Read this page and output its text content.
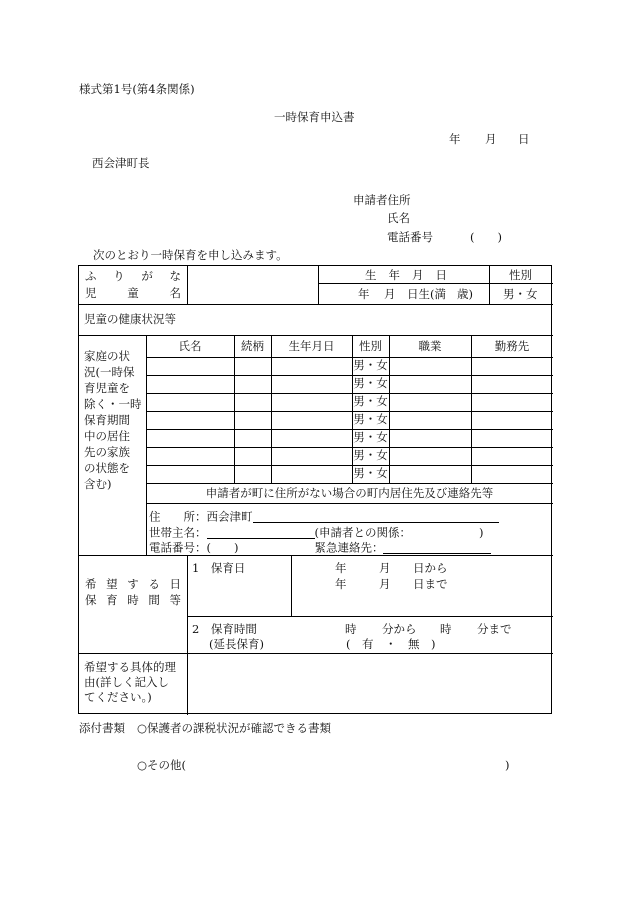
様式第1号(第4条関係)
一時保育申込書
年 月 日
西会津町長
申請者住所
氏名
電話番号	(　　)
次のとおり一時保育を申し込みます。
ふ り が な
児	童	名
生 年 月 日	性別
年 月 日生(満 歳)	男・女
児童の健康状況等
家庭の状
況(一時保
育児童を
除く・一時
保育期間
中の居住
先の家族
の状態を
含む)
氏名	続柄	生年月日	性別	職業	勤務先
男・女
男・女
男・女
男・女
男・女
男・女
男・女
申請者が町に住所がない場合の町内居住先及び連絡先等
住　　所：西会津町
世帯主名：	(申請者との関係：	)
電話番号：(　　)	緊急連絡先：
希 望 す る 日
保 育 時 間 等
1　保育日	年	月 日から
年	月 日まで
2　保育時間
(延長保育)
時 分から 時 分まで
(　有　・　無　)
希望する具体的理
由(詳しく記入し
てください。)
添付書類 ○保護者の課税状況が確認できる書類
○その他(	)
